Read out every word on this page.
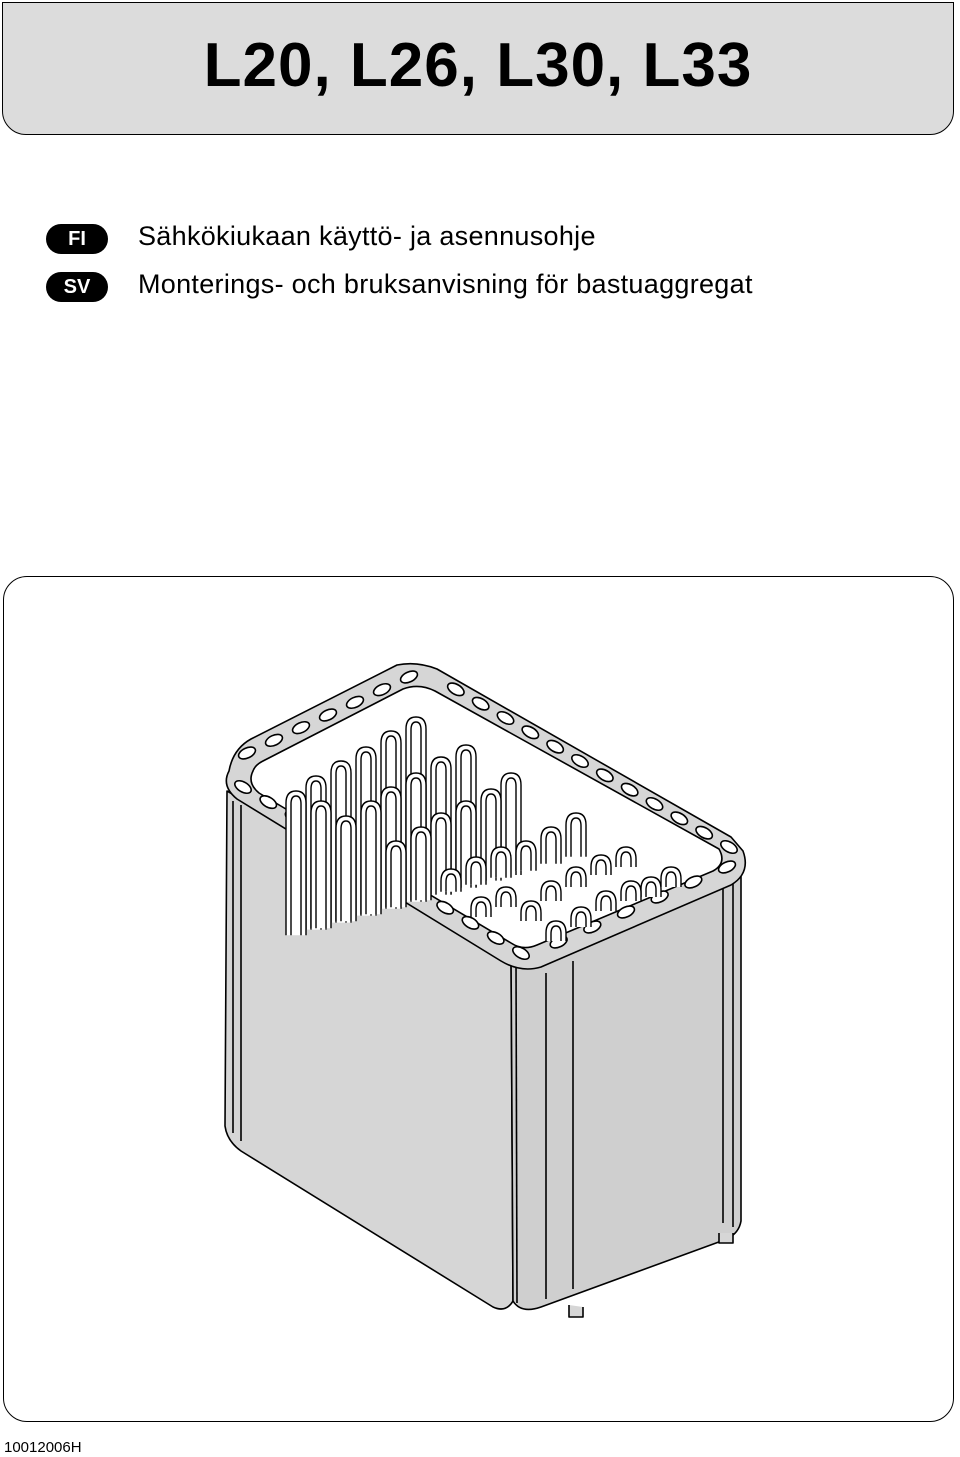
L20, L26, L30, L33
FI	Sähkökiukaan käyttö- ja asennusohje
SV	Monterings- och bruksanvisning för bastuaggregat
10012006H
